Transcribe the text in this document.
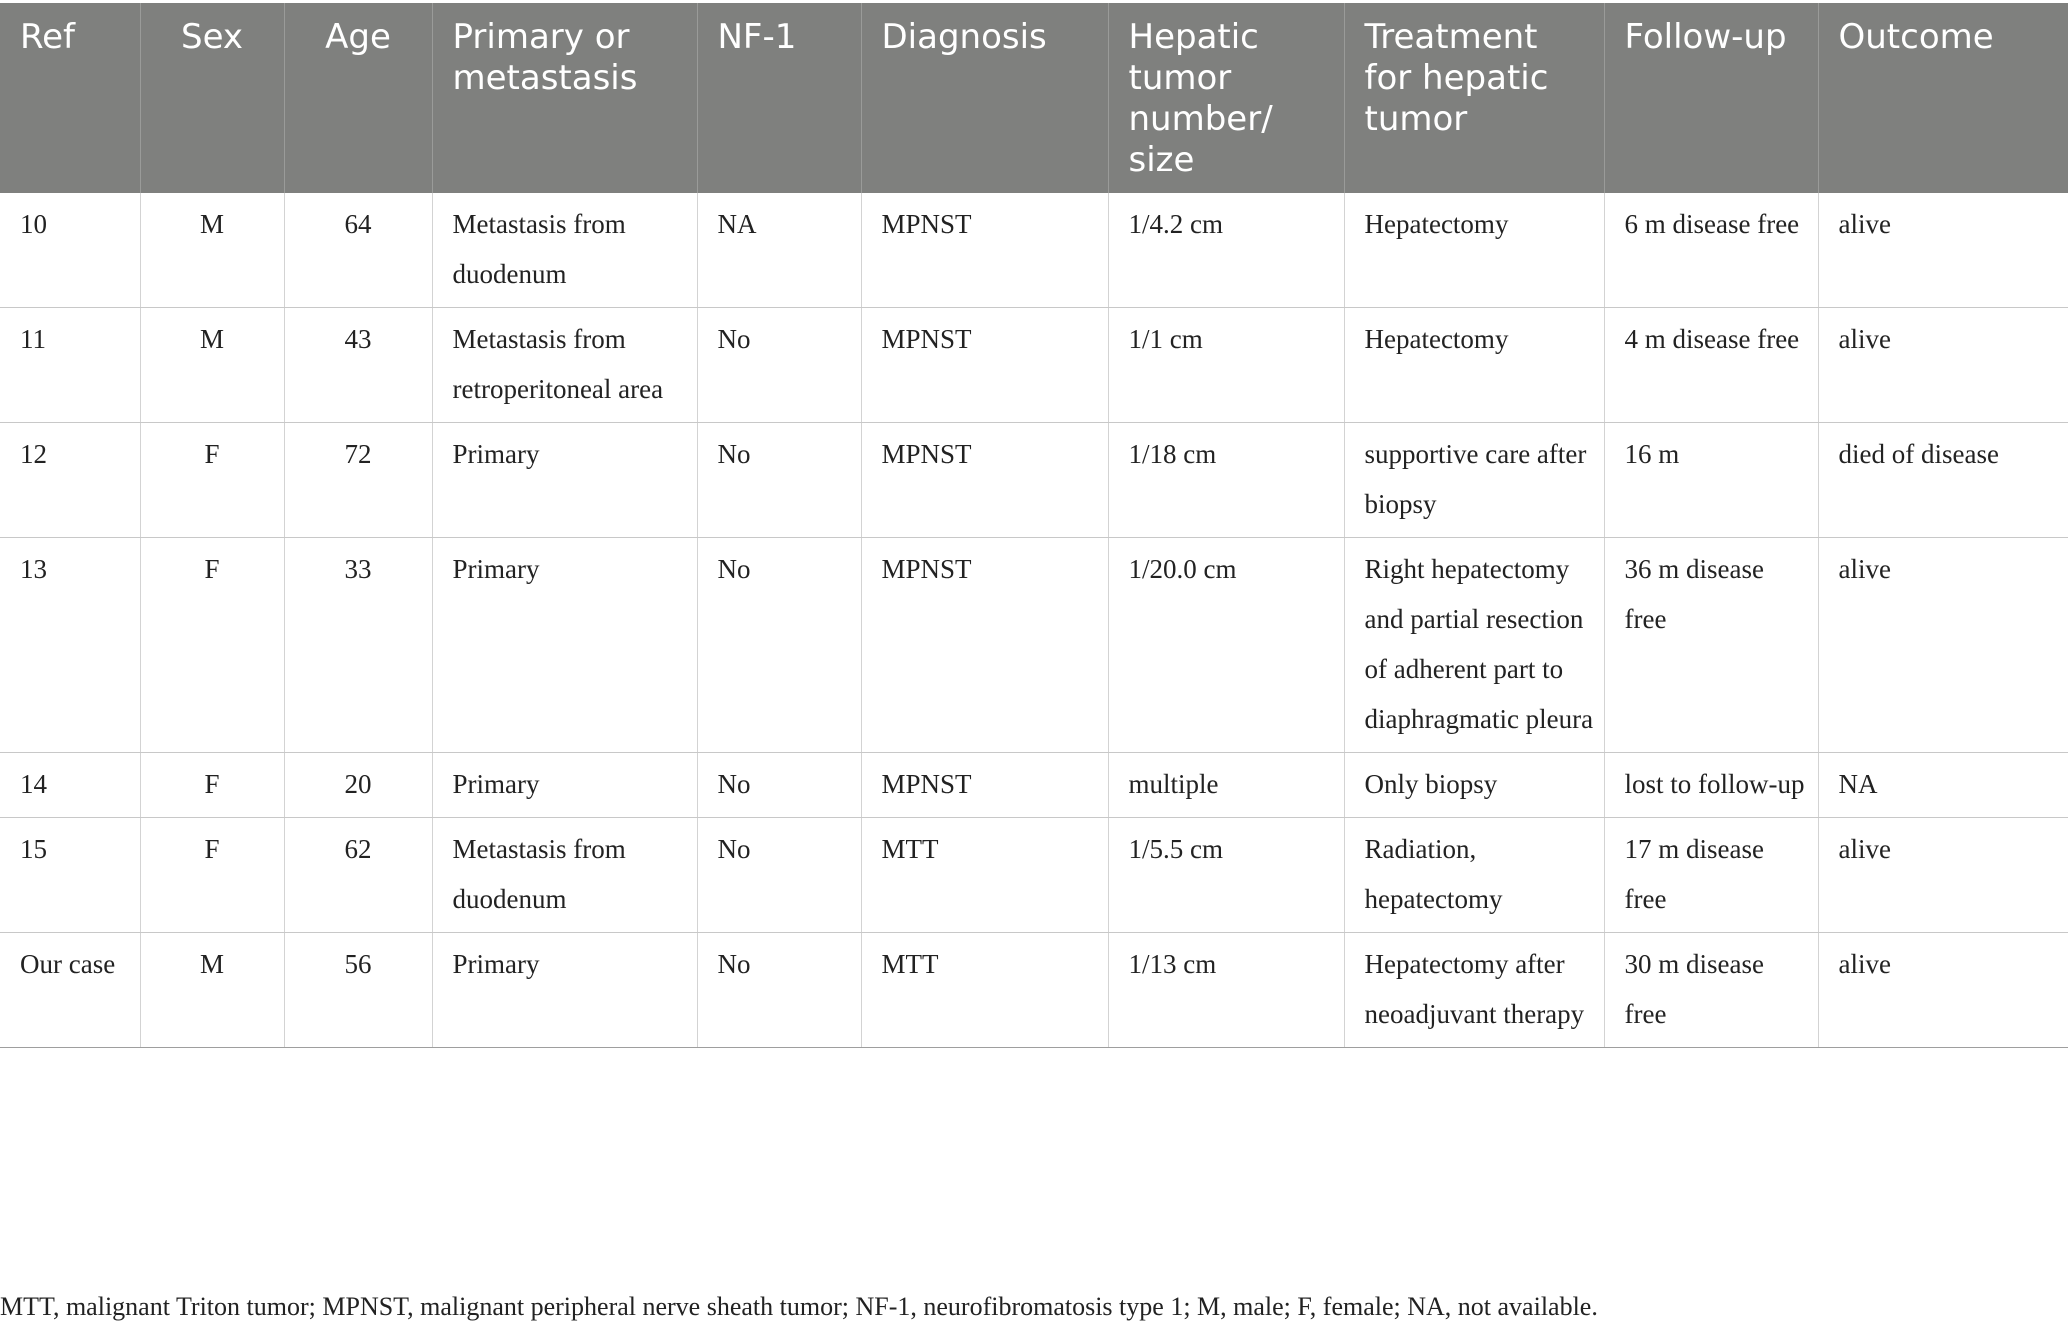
Ref	Sex	Age	Primary or metastasis	NF-1	Diagnosis	Hepatic tumor number/ size	Treatment for hepatic tumor	Follow-up	Outcome
10	M	64	Metastasis from duodenum	NA	MPNST	1/4.2 cm	Hepatectomy	6 m disease free	alive
11	M	43	Metastasis from retroperitoneal area	No	MPNST	1/1 cm	Hepatectomy	4 m disease free	alive
12	F	72	Primary	No	MPNST	1/18 cm	supportive care after biopsy	16 m	died of disease
13	F	33	Primary	No	MPNST	1/20.0 cm	Right hepatectomy and partial resection of adherent part to diaphragmatic pleura	36 m disease free	alive
14	F	20	Primary	No	MPNST	multiple	Only biopsy	lost to follow-up	NA
15	F	62	Metastasis from duodenum	No	MTT	1/5.5 cm	Radiation, hepatectomy	17 m disease free	alive
Our case	M	56	Primary	No	MTT	1/13 cm	Hepatectomy after neoadjuvant therapy	30 m disease free	alive
MTT, malignant Triton tumor; MPNST, malignant peripheral nerve sheath tumor; NF-1, neurofibromatosis type 1; M, male; F, female; NA, not available.
